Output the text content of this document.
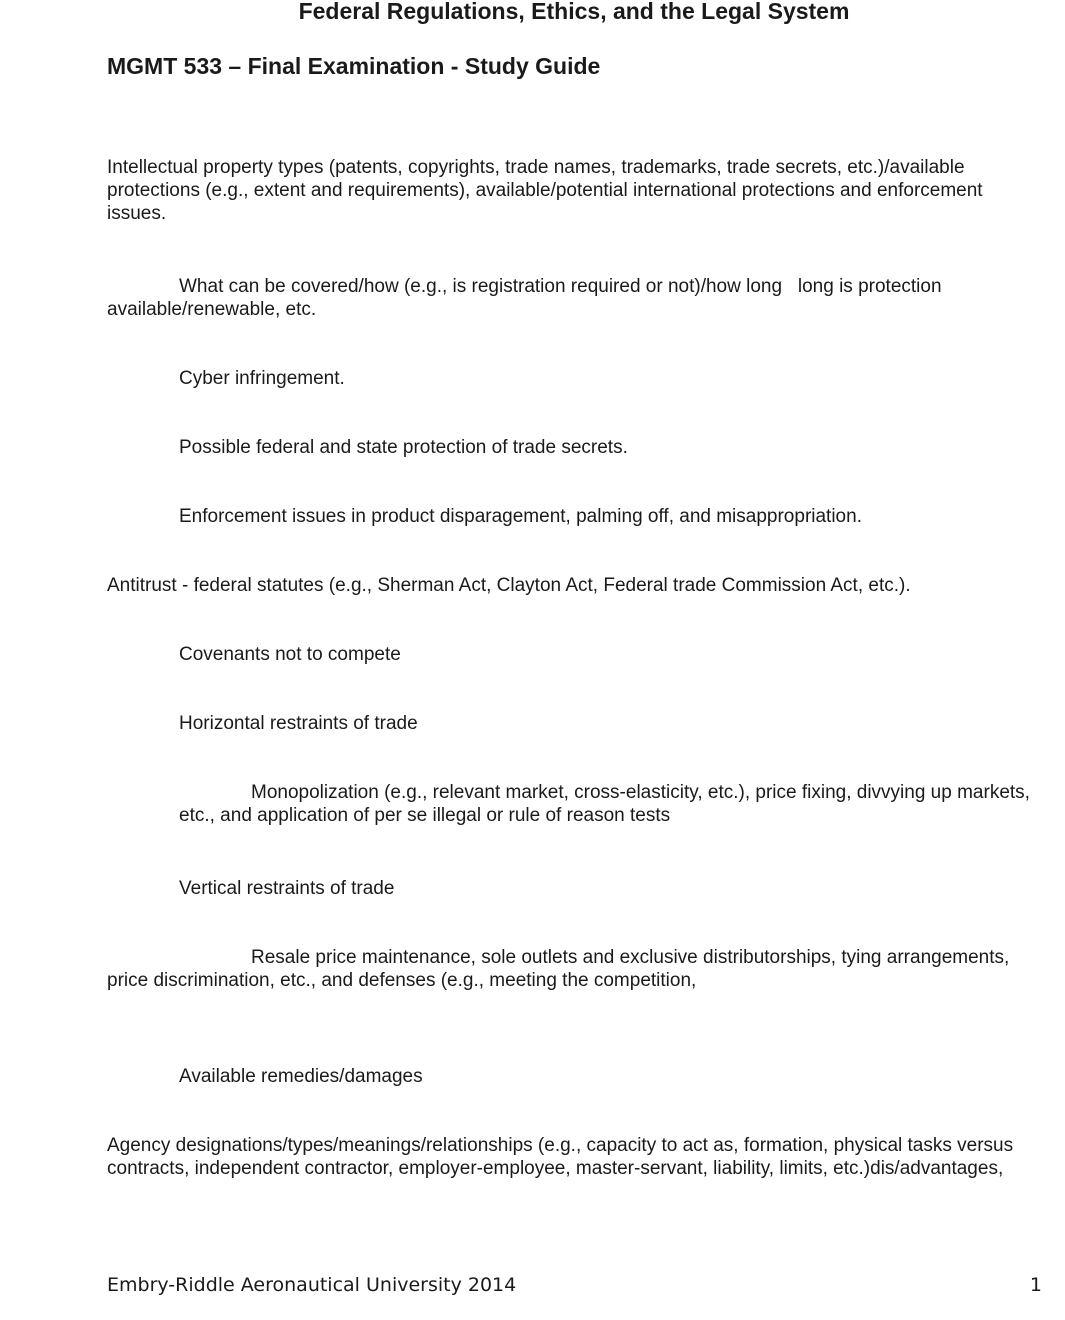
Federal Regulations, Ethics, and the Legal System
MGMT 533 – Final Examination - Study Guide

Intellectual property types (patents, copyrights, trade names, trademarks, trade secrets, etc.)/available protections (e.g., extent and requirements), available/potential international protections and enforcement issues.

What can be covered/how (e.g., is registration required or not)/how long   long is protection available/renewable, etc.

Cyber infringement.

Possible federal and state protection of trade secrets.

Enforcement issues in product disparagement, palming off, and misappropriation.

Antitrust - federal statutes (e.g., Sherman Act, Clayton Act, Federal trade Commission Act, etc.).

Covenants not to compete

Horizontal restraints of trade

Monopolization (e.g., relevant market, cross-elasticity, etc.), price fixing, divvying up markets, etc., and application of per se illegal or rule of reason tests

Vertical restraints of trade

Resale price maintenance, sole outlets and exclusive distributorships, tying arrangements, price discrimination, etc., and defenses (e.g., meeting the competition,

Available remedies/damages

Agency designations/types/meanings/relationships (e.g., capacity to act as, formation, physical tasks versus contracts, independent contractor, employer-employee, master-servant, liability, limits, etc.)dis/advantages,

Embry-Riddle Aeronautical University 2014	1
